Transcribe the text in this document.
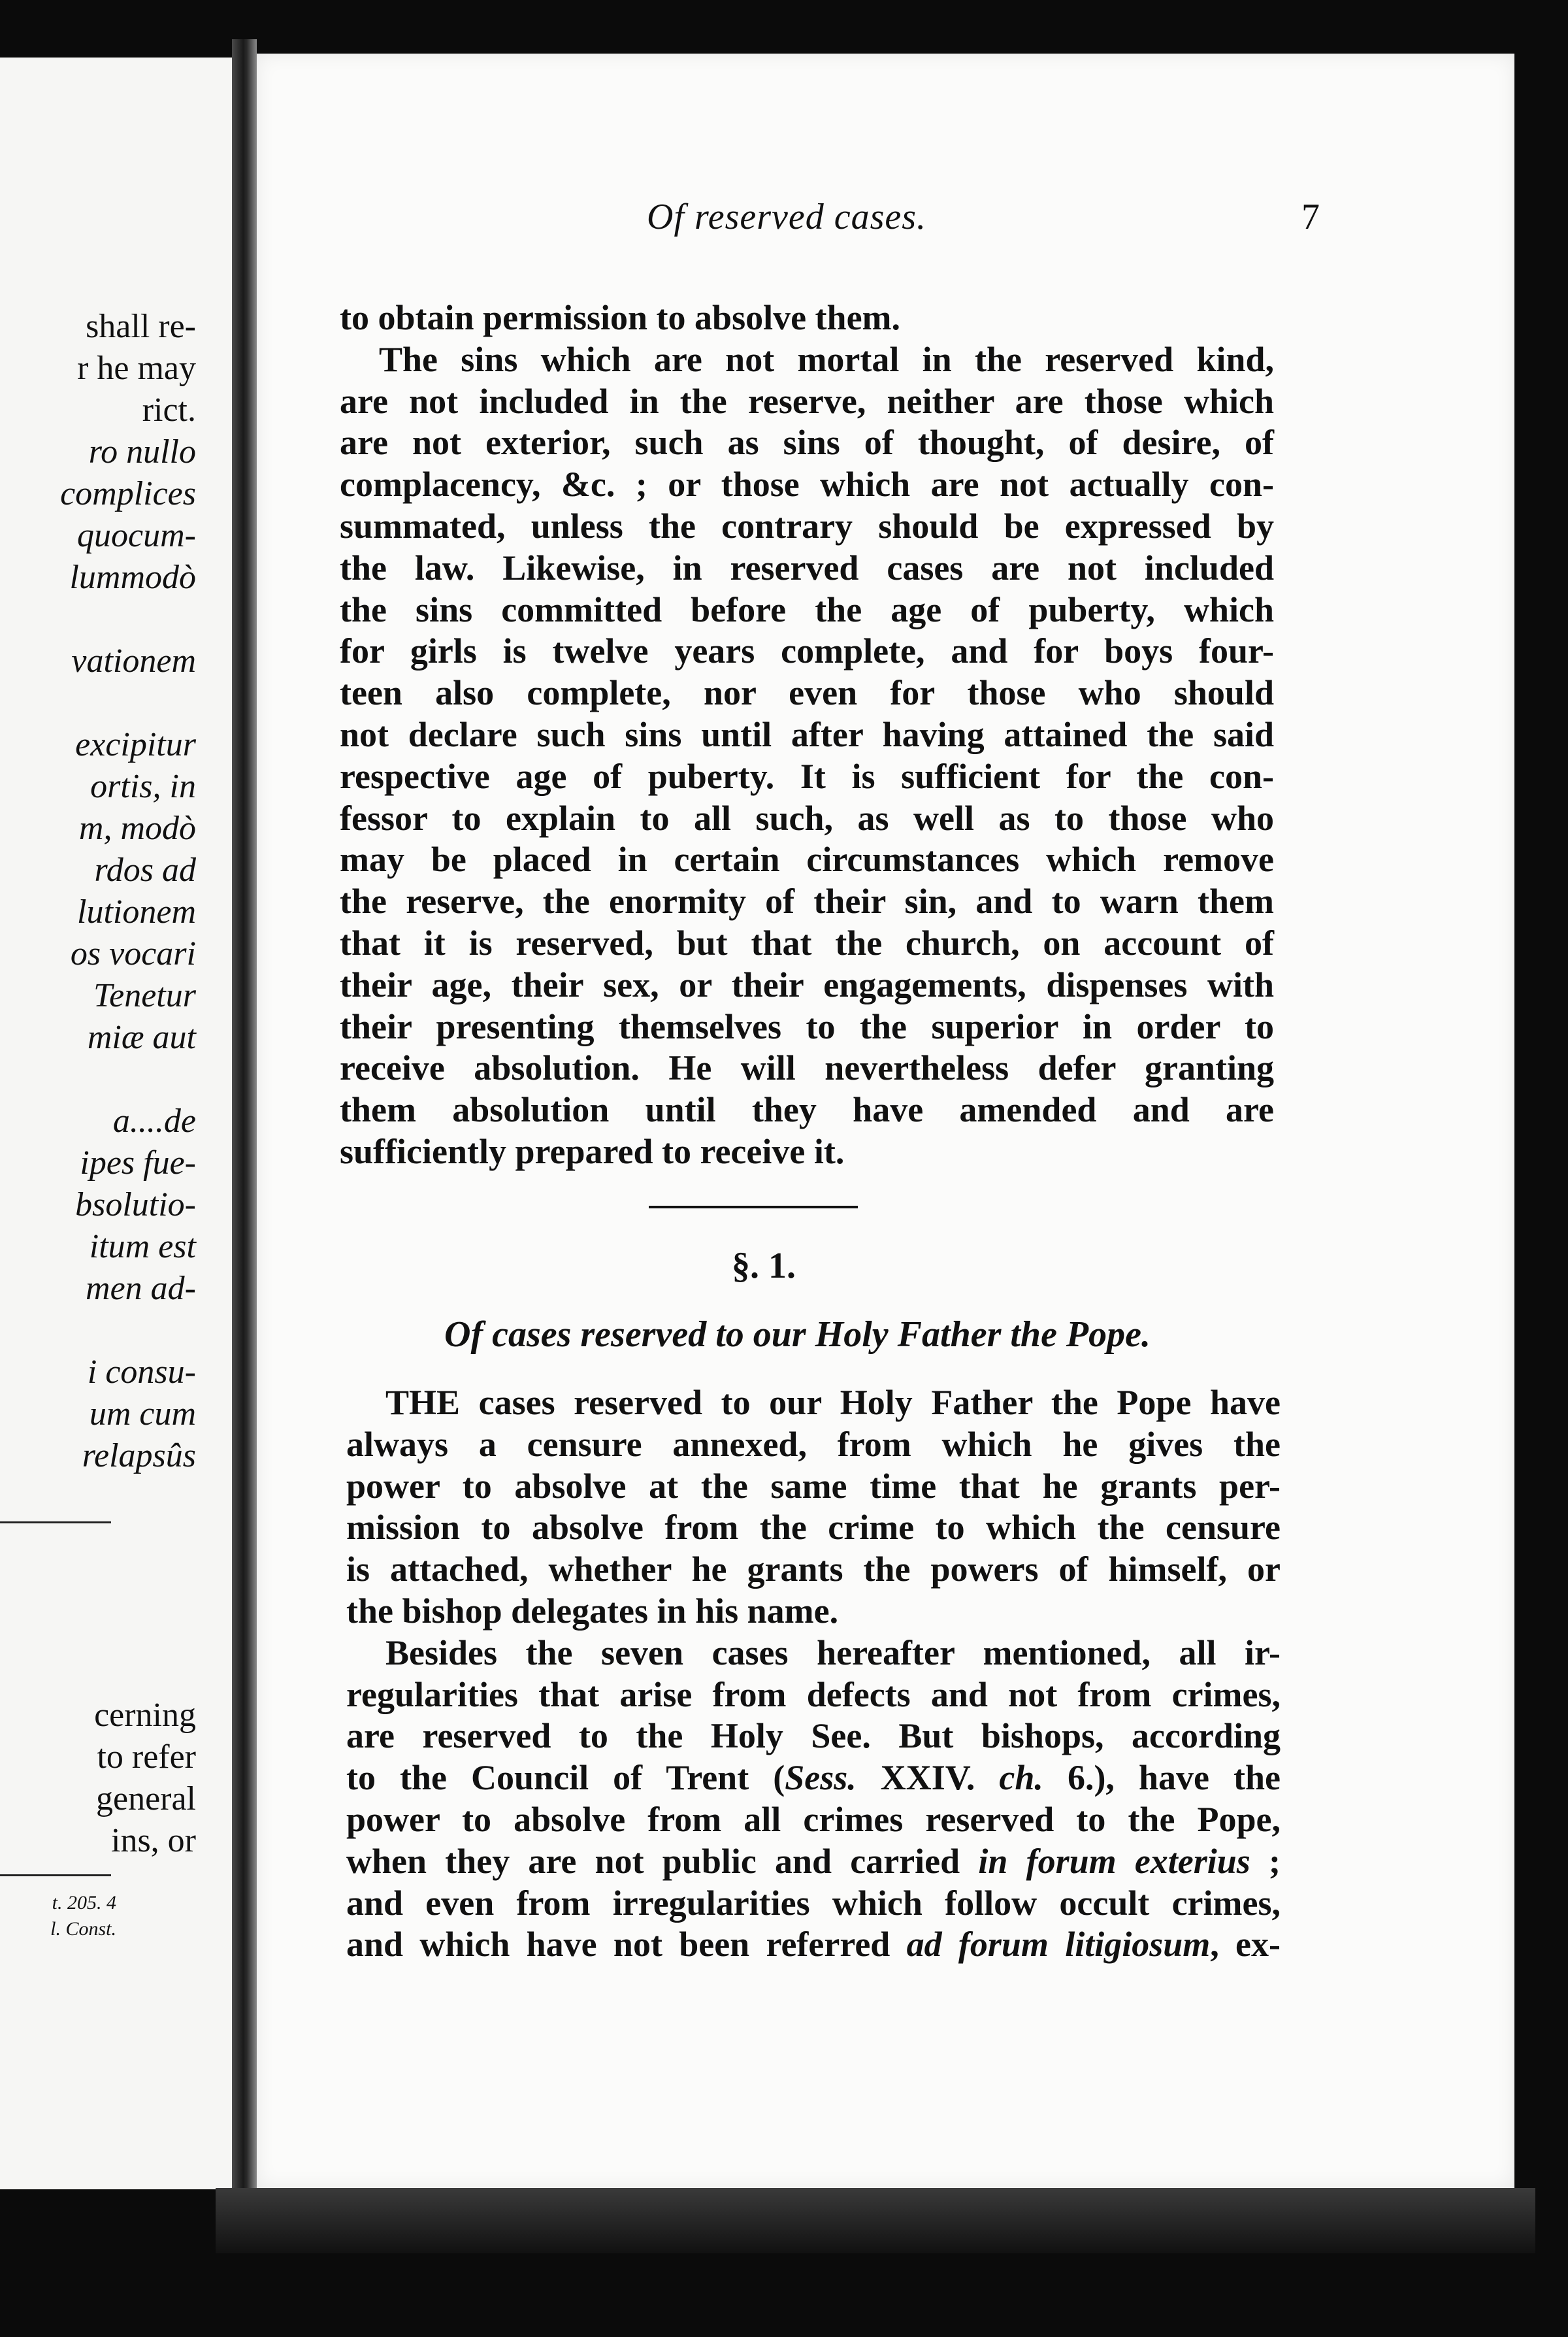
shall re-
r he may
rict.
ro nullo
complices
quocum-
lummodò
vationem
excipitur
ortis, in
m, modò
rdos ad
lutionem
os vocari
Tenetur
miæ aut
a....de
ipes fue-
bsolutio-
itum est
men ad-
i consu-
um cum
relapsûs
cerning
to refer
general
ins, or
t. 205. 4
l. Const.
Of reserved cases.	7
to obtain permission to absolve them.
The sins which are not mortal in the reserved kind,
are not included in the reserve, neither are those which
are not exterior, such as sins of thought, of desire, of
complacency, &c. ; or those which are not actually con-
summated, unless the contrary should be expressed by
the law. Likewise, in reserved cases are not included
the sins committed before the age of puberty, which
for girls is twelve years complete, and for boys four-
teen also complete, nor even for those who should
not declare such sins until after having attained the said
respective age of puberty. It is sufficient for the con-
fessor to explain to all such, as well as to those who
may be placed in certain circumstances which remove
the reserve, the enormity of their sin, and to warn them
that it is reserved, but that the church, on account of
their age, their sex, or their engagements, dispenses with
their presenting themselves to the superior in order to
receive absolution. He will nevertheless defer granting
them absolution until they have amended and are
sufficiently prepared to receive it.
§. 1.
Of cases reserved to our Holy Father the Pope.
THE cases reserved to our Holy Father the Pope have
always a censure annexed, from which he gives the
power to absolve at the same time that he grants per-
mission to absolve from the crime to which the censure
is attached, whether he grants the powers of himself, or
the bishop delegates in his name.
Besides the seven cases hereafter mentioned, all ir-
regularities that arise from defects and not from crimes,
are reserved to the Holy See. But bishops, according
to the Council of Trent (Sess. XXIV. ch. 6.), have the
power to absolve from all crimes reserved to the Pope,
when they are not public and carried in forum exterius ;
and even from irregularities which follow occult crimes,
and which have not been referred ad forum litigiosum, ex-
